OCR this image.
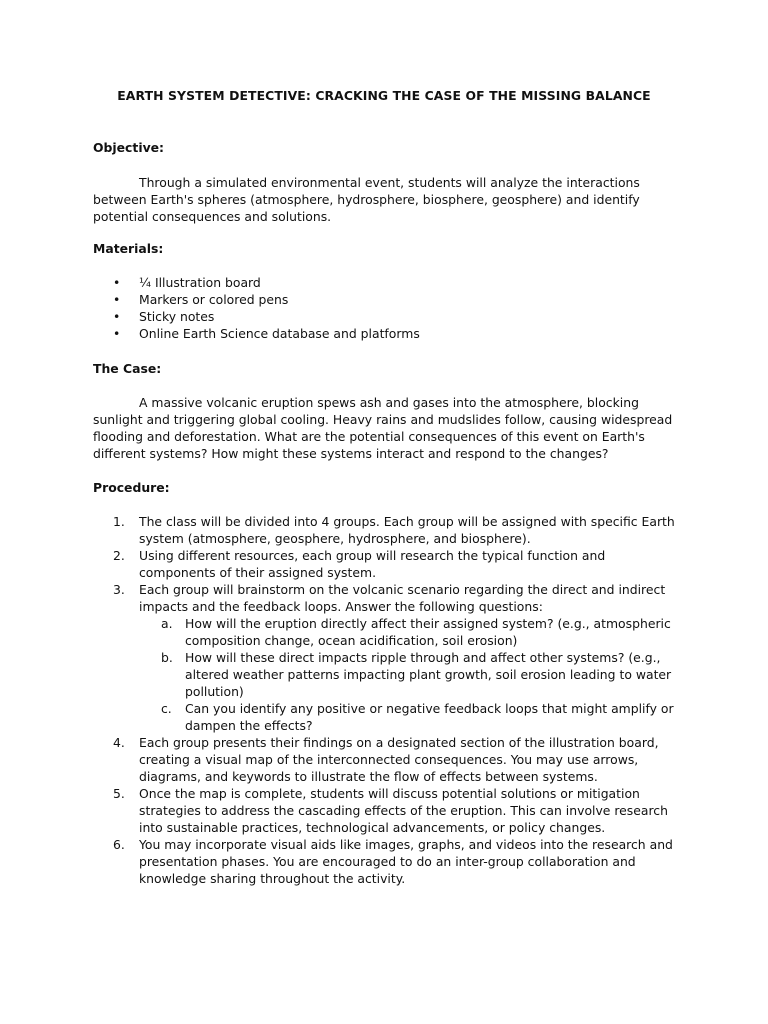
EARTH SYSTEM DETECTIVE: CRACKING THE CASE OF THE MISSING BALANCE
Objective:

Through a simulated environmental event, students will analyze the interactions between Earth's spheres (atmosphere, hydrosphere, biosphere, geosphere) and identify potential consequences and solutions.

Materials:
• ¼ Illustration board
• Markers or colored pens
• Sticky notes
• Online Earth Science database and platforms
The Case:

A massive volcanic eruption spews ash and gases into the atmosphere, blocking sunlight and triggering global cooling. Heavy rains and mudslides follow, causing widespread flooding and deforestation. What are the potential consequences of this event on Earth's different systems? How might these systems interact and respond to the changes?

Procedure:
1. The class will be divided into 4 groups. Each group will be assigned with specific Earth system (atmosphere, geosphere, hydrosphere, and biosphere).
2. Using different resources, each group will research the typical function and components of their assigned system.
3. Each group will brainstorm on the volcanic scenario regarding the direct and indirect impacts and the feedback loops. Answer the following questions:
a. How will the eruption directly affect their assigned system? (e.g., atmospheric composition change, ocean acidification, soil erosion)
b. How will these direct impacts ripple through and affect other systems? (e.g., altered weather patterns impacting plant growth, soil erosion leading to water pollution)
c. Can you identify any positive or negative feedback loops that might amplify or dampen the effects?
4. Each group presents their findings on a designated section of the illustration board, creating a visual map of the interconnected consequences. You may use arrows, diagrams, and keywords to illustrate the flow of effects between systems.
5. Once the map is complete, students will discuss potential solutions or mitigation strategies to address the cascading effects of the eruption. This can involve research into sustainable practices, technological advancements, or policy changes.
6. You may incorporate visual aids like images, graphs, and videos into the research and presentation phases. You are encouraged to do an inter-group collaboration and knowledge sharing throughout the activity.
